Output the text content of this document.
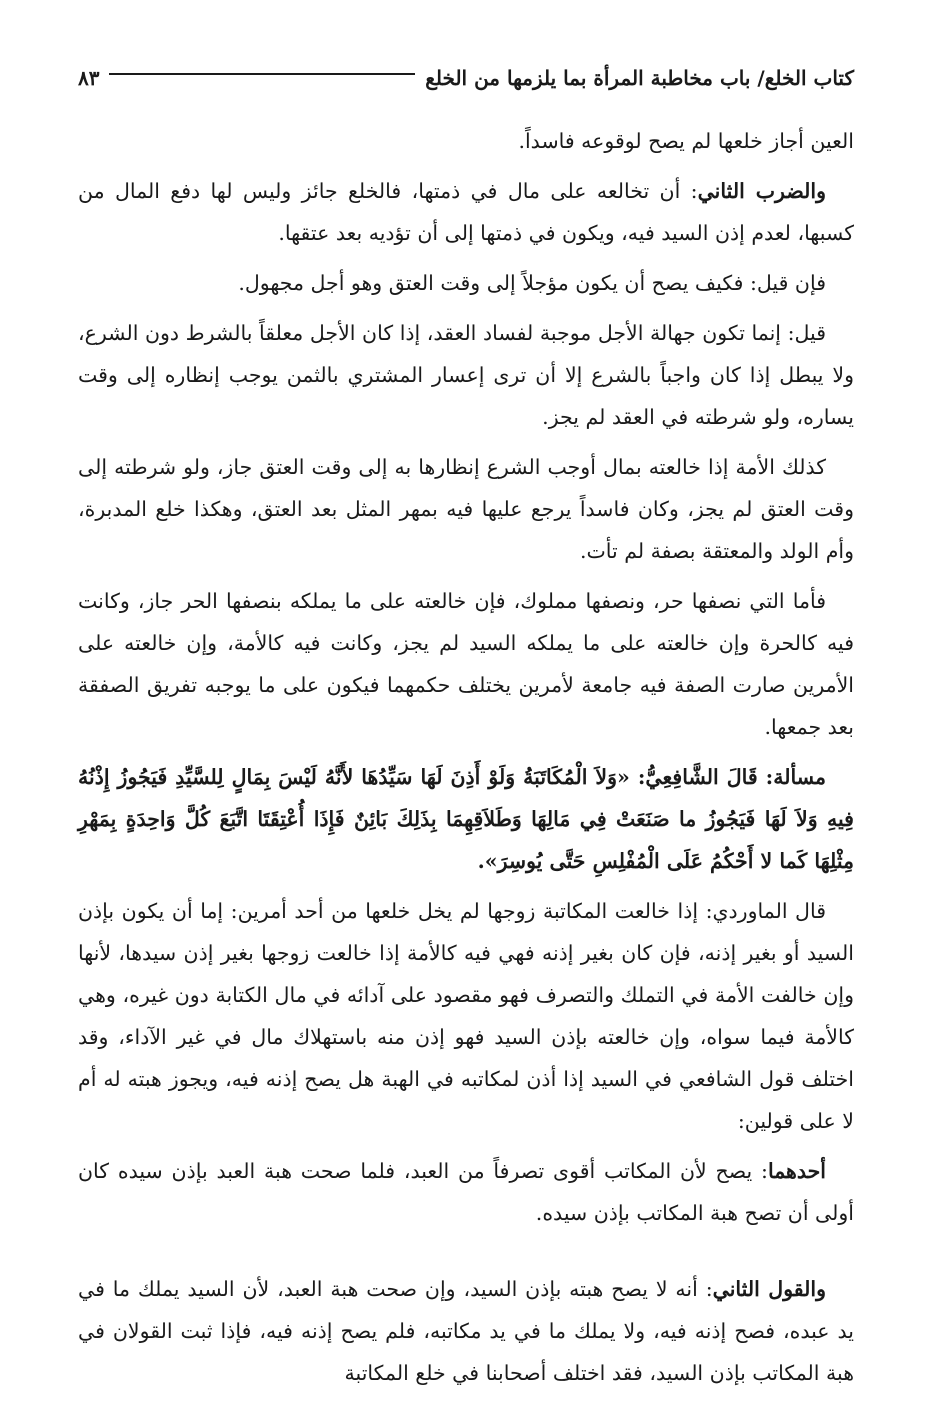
كتاب الخلع/ باب مخاطبة المرأة بما يلزمها من الخلع
٨٣

العين أجاز خلعها لم يصح لوقوعه فاسداً.

والضرب الثاني: أن تخالعه على مال في ذمتها، فالخلع جائز وليس لها دفع المال من كسبها، لعدم إذن السيد فيه، ويكون في ذمتها إلى أن تؤديه بعد عتقها.

فإن قيل: فكيف يصح أن يكون مؤجلاً إلى وقت العتق وهو أجل مجهول.

قيل: إنما تكون جهالة الأجل موجبة لفساد العقد، إذا كان الأجل معلقاً بالشرط دون الشرع، ولا يبطل إذا كان واجباً بالشرع إلا أن ترى إعسار المشتري بالثمن يوجب إنظاره إلى وقت يساره، ولو شرطته في العقد لم يجز.

كذلك الأمة إذا خالعته بمال أوجب الشرع إنظارها به إلى وقت العتق جاز، ولو شرطته إلى وقت العتق لم يجز، وكان فاسداً يرجع عليها فيه بمهر المثل بعد العتق، وهكذا خلع المدبرة، وأم الولد والمعتقة بصفة لم تأت.

فأما التي نصفها حر، ونصفها مملوك، فإن خالعته على ما يملكه بنصفها الحر جاز، وكانت فيه كالحرة وإن خالعته على ما يملكه السيد لم يجز، وكانت فيه كالأمة، وإن خالعته على الأمرين صارت الصفة فيه جامعة لأمرين يختلف حكمهما فيكون على ما يوجبه تفريق الصفقة بعد جمعها.

مسألة: قَالَ الشَّافِعِيُّ: «وَلاَ الْمُكَاتَبَةُ وَلَوْ أَذِنَ لَهَا سَيِّدُهَا لأَنَّهُ لَيْسَ بِمَالٍ لِلسَّيِّدِ فَيَجُوزُ إِذْنُهُ فِيهِ وَلاَ لَهَا فَيَجُوزُ ما صَنَعَتْ فِي مَالِهَا وَطَلاَقِهِمَا بِذَلِكَ بَائِنٌ فَإِذَا أُعْتِقَتَا اتَّبَعَ كُلَّ وَاحِدَةٍ بِمَهْرِ مِثْلِهَا كَما لا أَحْكُمُ عَلَى الْمُفْلِسِ حَتَّى يُوسِرَ».

قال الماوردي: إذا خالعت المكاتبة زوجها لم يخل خلعها من أحد أمرين: إما أن يكون بإذن السيد أو بغير إذنه، فإن كان بغير إذنه فهي فيه كالأمة إذا خالعت زوجها بغير إذن سيدها، لأنها وإن خالفت الأمة في التملك والتصرف فهو مقصود على آدائه في مال الكتابة دون غيره، وهي كالأمة فيما سواه، وإن خالعته بإذن السيد فهو إذن منه باستهلاك مال في غير الآداء، وقد اختلف قول الشافعي في السيد إذا أذن لمكاتبه في الهبة هل يصح إذنه فيه، ويجوز هبته له أم لا على قولين:

أحدهما: يصح لأن المكاتب أقوى تصرفاً من العبد، فلما صحت هبة العبد بإذن سيده كان أولى أن تصح هبة المكاتب بإذن سيده.

والقول الثاني: أنه لا يصح هبته بإذن السيد، وإن صحت هبة العبد، لأن السيد يملك ما في يد عبده، فصح إذنه فيه، ولا يملك ما في يد مكاتبه، فلم يصح إذنه فيه، فإذا ثبت القولان في هبة المكاتب بإذن السيد، فقد اختلف أصحابنا في خلع المكاتبة
